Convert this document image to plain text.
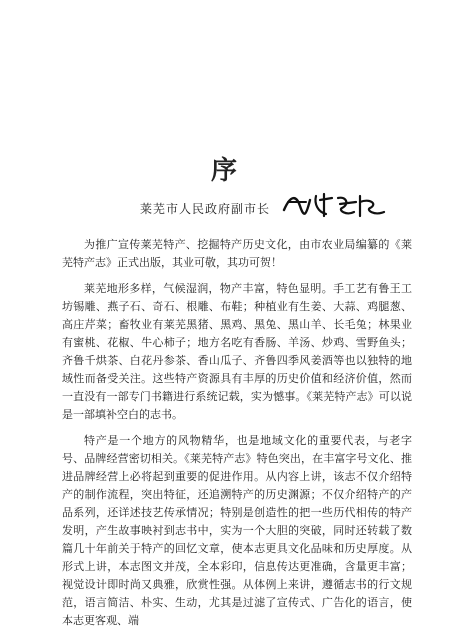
序
莱芜市人民政府副市长

为推广宣传莱芜特产、挖掘特产历史文化，由市农业局编纂的《莱芜特产志》正式出版，其业可敬，其功可贺！

莱芜地形多样，气候湿润，物产丰富，特色显明。手工艺有鲁王工坊锡雕、燕子石、奇石、根雕、布鞋；种植业有生姜、大蒜、鸡腿葱、高庄芹菜；畜牧业有莱芜黑猪、黑鸡、黑兔、黑山羊、长毛兔；林果业有蜜桃、花椒、牛心柿子；地方名吃有香肠、羊汤、炒鸡、雪野鱼头；齐鲁千烘茶、白花丹参茶、香山瓜子、齐鲁四季风姜酒等也以独特的地域性而备受关注。这些特产资源具有丰厚的历史价值和经济价值，然而一直没有一部专门书籍进行系统记载，实为憾事。《莱芜特产志》可以说是一部填补空白的志书。

特产是一个地方的风物精华，也是地域文化的重要代表，与老字号、品牌经营密切相关。《莱芜特产志》特色突出，在丰富字号文化、推进品牌经营上必将起到重要的促进作用。从内容上讲，该志不仅介绍特产的制作流程，突出特征，还追溯特产的历史渊源；不仅介绍特产的产品系列，还详述技艺传承情况；特别是创造性的把一些历代相传的特产发明，产生故事映衬到志书中，实为一个大胆的突破，同时还转载了数篇几十年前关于特产的回忆文章，使本志更具文化品味和历史厚度。从形式上讲，本志图文并茂，全本彩印，信息传达更准确，含量更丰富；视觉设计即时尚又典雅，欣赏性强。从体例上来讲，遵循志书的行文规范，语言简洁、朴实、生动，尤其是过滤了宣传式、广告化的语言，使本志更客观、端
